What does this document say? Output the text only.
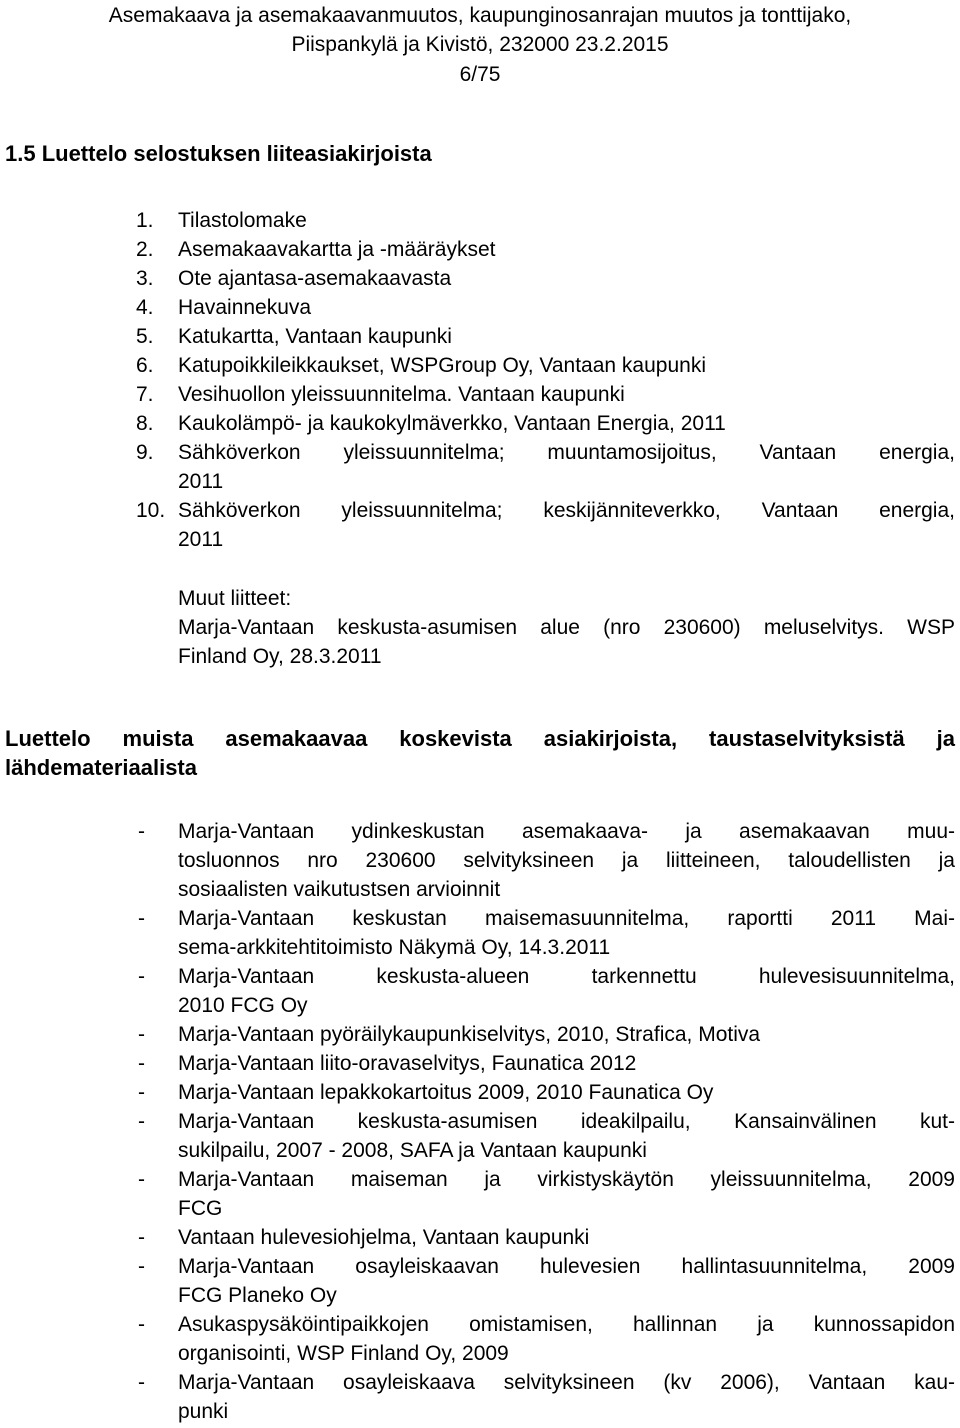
Asemakaava ja asemakaavanmuutos, kaupunginosanrajan muutos ja tonttijako,
Piispankylä ja Kivistö, 232000 23.2.2015
6/75
1.5 Luettelo selostuksen liiteasiakirjoista
1. Tilastolomake
2. Asemakaavakartta ja -määräykset
3. Ote ajantasa-asemakaavasta
4. Havainnekuva
5. Katukartta, Vantaan kaupunki
6. Katupoikkileikkaukset, WSPGroup Oy, Vantaan kaupunki
7. Vesihuollon yleissuunnitelma. Vantaan kaupunki
8. Kaukolämpö- ja kaukokylmäverkko, Vantaan Energia, 2011
9. Sähköverkon yleissuunnitelma; muuntamosijoitus, Vantaan energia,
2011
10. Sähköverkon yleissuunnitelma; keskijänniteverkko, Vantaan energia,
2011
Muut liitteet:
Marja-Vantaan keskusta-asumisen alue (nro 230600) meluselvitys. WSP
Finland Oy, 28.3.2011
Luettelo muista asemakaavaa koskevista asiakirjoista, taustaselvityksistä ja
lähdemateriaalista
- Marja-Vantaan ydinkeskustan asemakaava- ja asemakaavan muu-
tosluonnos nro 230600 selvityksineen ja liitteineen, taloudellisten ja
sosiaalisten vaikutustsen arvioinnit
- Marja-Vantaan keskustan maisemasuunnitelma, raportti 2011 Mai-
sema-arkkitehtitoimisto Näkymä Oy, 14.3.2011
- Marja-Vantaan keskusta-alueen tarkennettu hulevesisuunnitelma,
2010 FCG Oy
- Marja-Vantaan pyöräilykaupunkiselvitys, 2010, Strafica, Motiva
- Marja-Vantaan liito-oravaselvitys, Faunatica 2012
- Marja-Vantaan lepakkokartoitus 2009, 2010 Faunatica Oy
- Marja-Vantaan keskusta-asumisen ideakilpailu, Kansainvälinen kut-
sukilpailu, 2007 - 2008, SAFA ja Vantaan kaupunki
- Marja-Vantaan maiseman ja virkistyskäytön yleissuunnitelma, 2009
FCG
- Vantaan hulevesiohjelma, Vantaan kaupunki
- Marja-Vantaan osayleiskaavan hulevesien hallintasuunnitelma, 2009
FCG Planeko Oy
- Asukaspysäköintipaikkojen omistamisen, hallinnan ja kunnossapidon
organisointi, WSP Finland Oy, 2009
- Marja-Vantaan osayleiskaava selvityksineen (kv 2006), Vantaan kau-
punki
